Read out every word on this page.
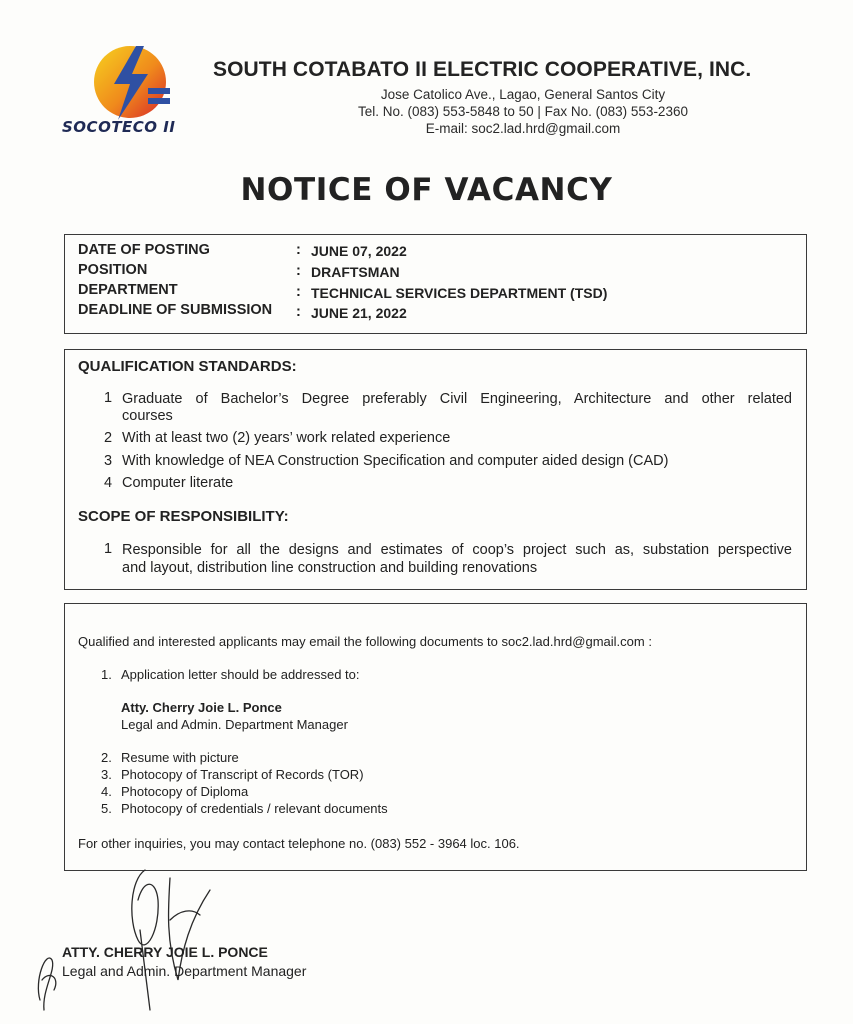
SOCOTECO II
SOUTH COTABATO II ELECTRIC COOPERATIVE, INC.
Jose Catolico Ave., Lagao, General Santos City
Tel. No. (083) 553-5848 to 50 | Fax No. (083) 553-2360
E-mail: soc2.lad.hrd@gmail.com
NOTICE OF VACANCY
DATE OF POSTING	: JUNE 07, 2022
POSITION	: DRAFTSMAN
DEPARTMENT	: TECHNICAL SERVICES DEPARTMENT (TSD)
DEADLINE OF SUBMISSION : JUNE 21, 2022
QUALIFICATION STANDARDS:
1 Graduate of Bachelor’s Degree preferably Civil Engineering, Architecture and other related
courses
2 With at least two (2) years’ work related experience
3 With knowledge of NEA Construction Specification and computer aided design (CAD)
4 Computer literate
SCOPE OF RESPONSIBILITY:
1 Responsible for all the designs and estimates of coop’s project such as, substation perspective
and layout, distribution line construction and building renovations
Qualified and interested applicants may email the following documents to soc2.lad.hrd@gmail.com :
1. Application letter should be addressed to:
Atty. Cherry Joie L. Ponce
Legal and Admin. Department Manager
2. Resume with picture
3. Photocopy of Transcript of Records (TOR)
4. Photocopy of Diploma
5. Photocopy of credentials / relevant documents
For other inquiries, you may contact telephone no. (083) 552 - 3964 loc. 106.
ATTY. CHERRY JOIE L. PONCE
Legal and Admin. Department Manager
